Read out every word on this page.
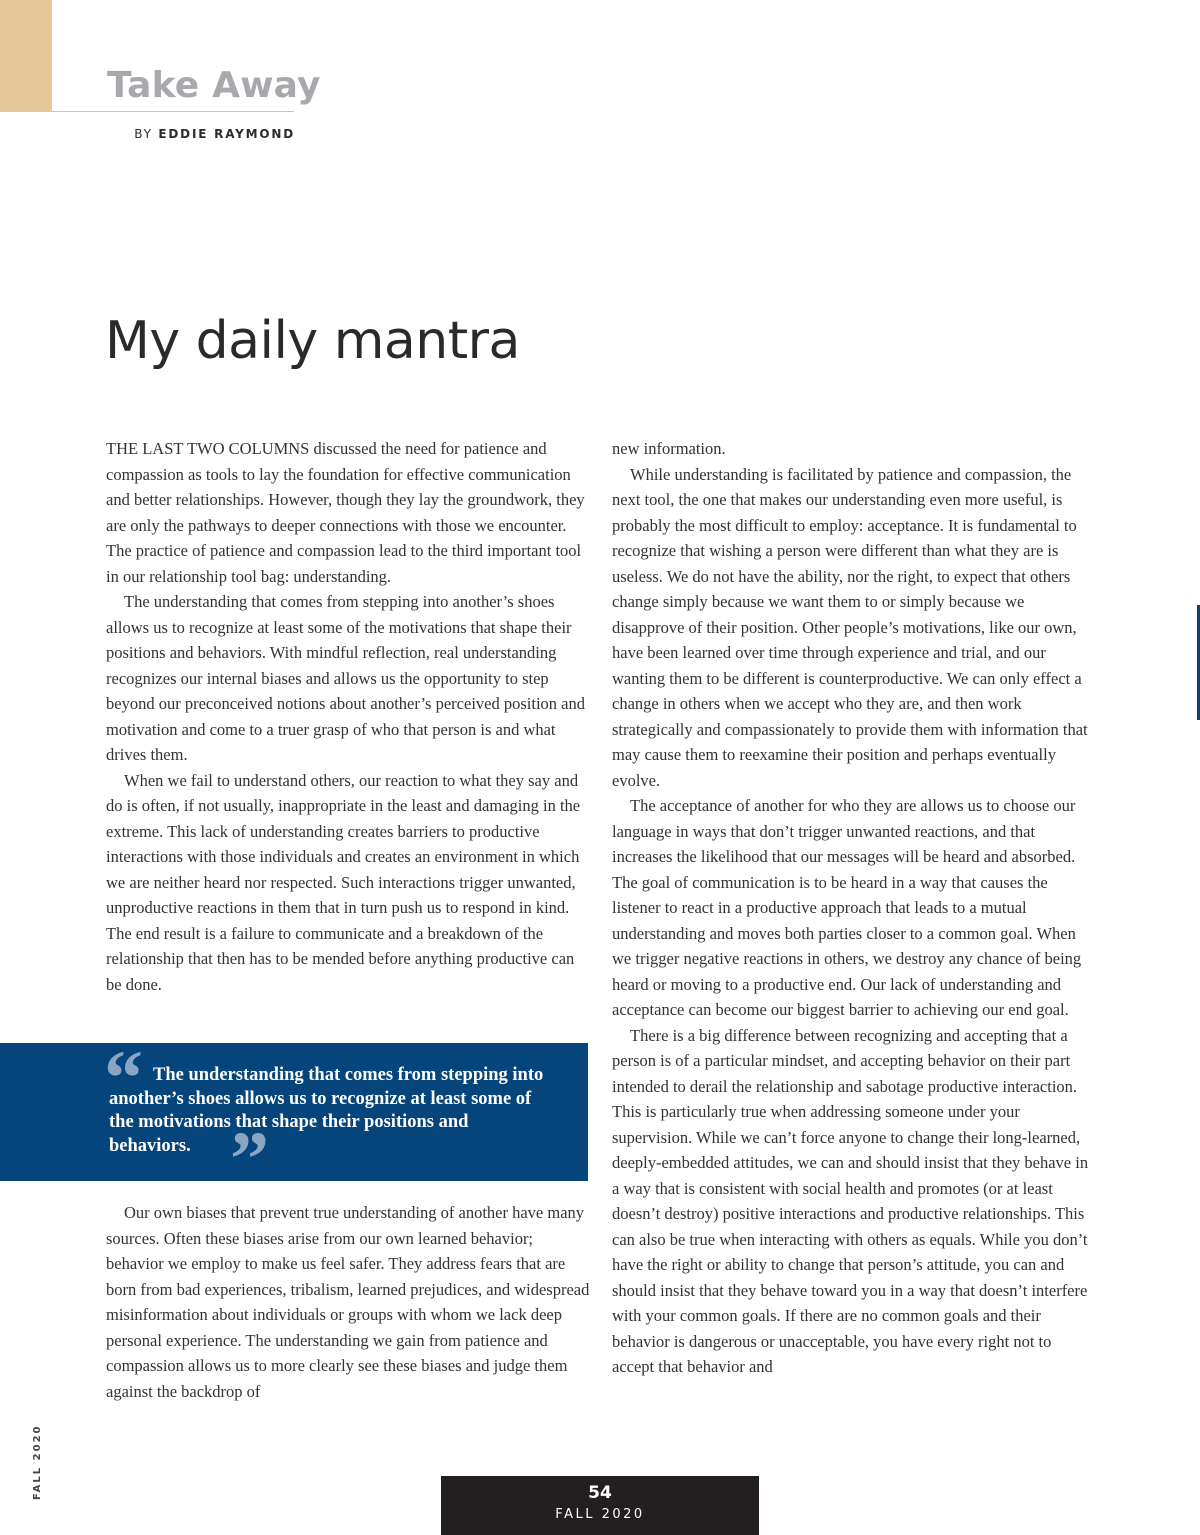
Take Away
BY EDDIE RAYMOND
My daily mantra

THE LAST TWO COLUMNS discussed the need for patience and compassion as tools to lay the foundation for effective communication and better relationships. However, though they lay the groundwork, they are only the pathways to deeper connections with those we encounter. The practice of patience and compassion lead to the third important tool in our relationship tool bag: understanding.

The understanding that comes from stepping into another’s shoes allows us to recognize at least some of the motivations that shape their positions and behaviors. With mindful reflection, real understanding recognizes our internal biases and allows us the opportunity to step beyond our preconceived notions about another’s perceived position and motivation and come to a truer grasp of who that person is and what drives them.

When we fail to understand others, our reaction to what they say and do is often, if not usually, inappropriate in the least and damaging in the extreme. This lack of understanding creates barriers to productive interactions with those individuals and creates an environment in which we are neither heard nor respected. Such interactions trigger unwanted, unproductive reactions in them that in turn push us to respond in kind. The end result is a failure to communicate and a breakdown of the relationship that then has to be mended before anything productive can be done.

“ The understanding that comes from stepping into another’s shoes allows us to recognize at least some of the motivations that shape their positions and behaviors. ”

Our own biases that prevent true understanding of another have many sources. Often these biases arise from our own learned behavior; behavior we employ to make us feel safer. They address fears that are born from bad experiences, tribalism, learned prejudices, and widespread misinformation about individuals or groups with whom we lack deep personal experience. The understanding we gain from patience and compassion allows us to more clearly see these biases and judge them against the backdrop of

new information.

While understanding is facilitated by patience and compassion, the next tool, the one that makes our understanding even more useful, is probably the most difficult to employ: acceptance. It is fundamental to recognize that wishing a person were different than what they are is useless. We do not have the ability, nor the right, to expect that others change simply because we want them to or simply because we disapprove of their position. Other people’s motivations, like our own, have been learned over time through experience and trial, and our wanting them to be different is counterproductive. We can only effect a change in others when we accept who they are, and then work strategically and compassionately to provide them with information that may cause them to reexamine their position and perhaps eventually evolve.

The acceptance of another for who they are allows us to choose our language in ways that don’t trigger unwanted reactions, and that increases the likelihood that our messages will be heard and absorbed. The goal of communication is to be heard in a way that causes the listener to react in a productive approach that leads to a mutual understanding and moves both parties closer to a common goal. When we trigger negative reactions in others, we destroy any chance of being heard or moving to a productive end. Our lack of understanding and acceptance can become our biggest barrier to achieving our end goal.

There is a big difference between recognizing and accepting that a person is of a particular mindset, and accepting behavior on their part intended to derail the relationship and sabotage productive interaction. This is particularly true when addressing someone under your supervision. While we can’t force anyone to change their long-learned, deeply-embedded attitudes, we can and should insist that they behave in a way that is consistent with social health and promotes (or at least doesn’t destroy) positive interactions and productive relationships. This can also be true when interacting with others as equals. While you don’t have the right or ability to change that person’s attitude, you can and should insist that they behave toward you in a way that doesn’t interfere with your common goals. If there are no common goals and their behavior is dangerous or unacceptable, you have every right not to accept that behavior and

FALL 2020	54
FALL 2020
